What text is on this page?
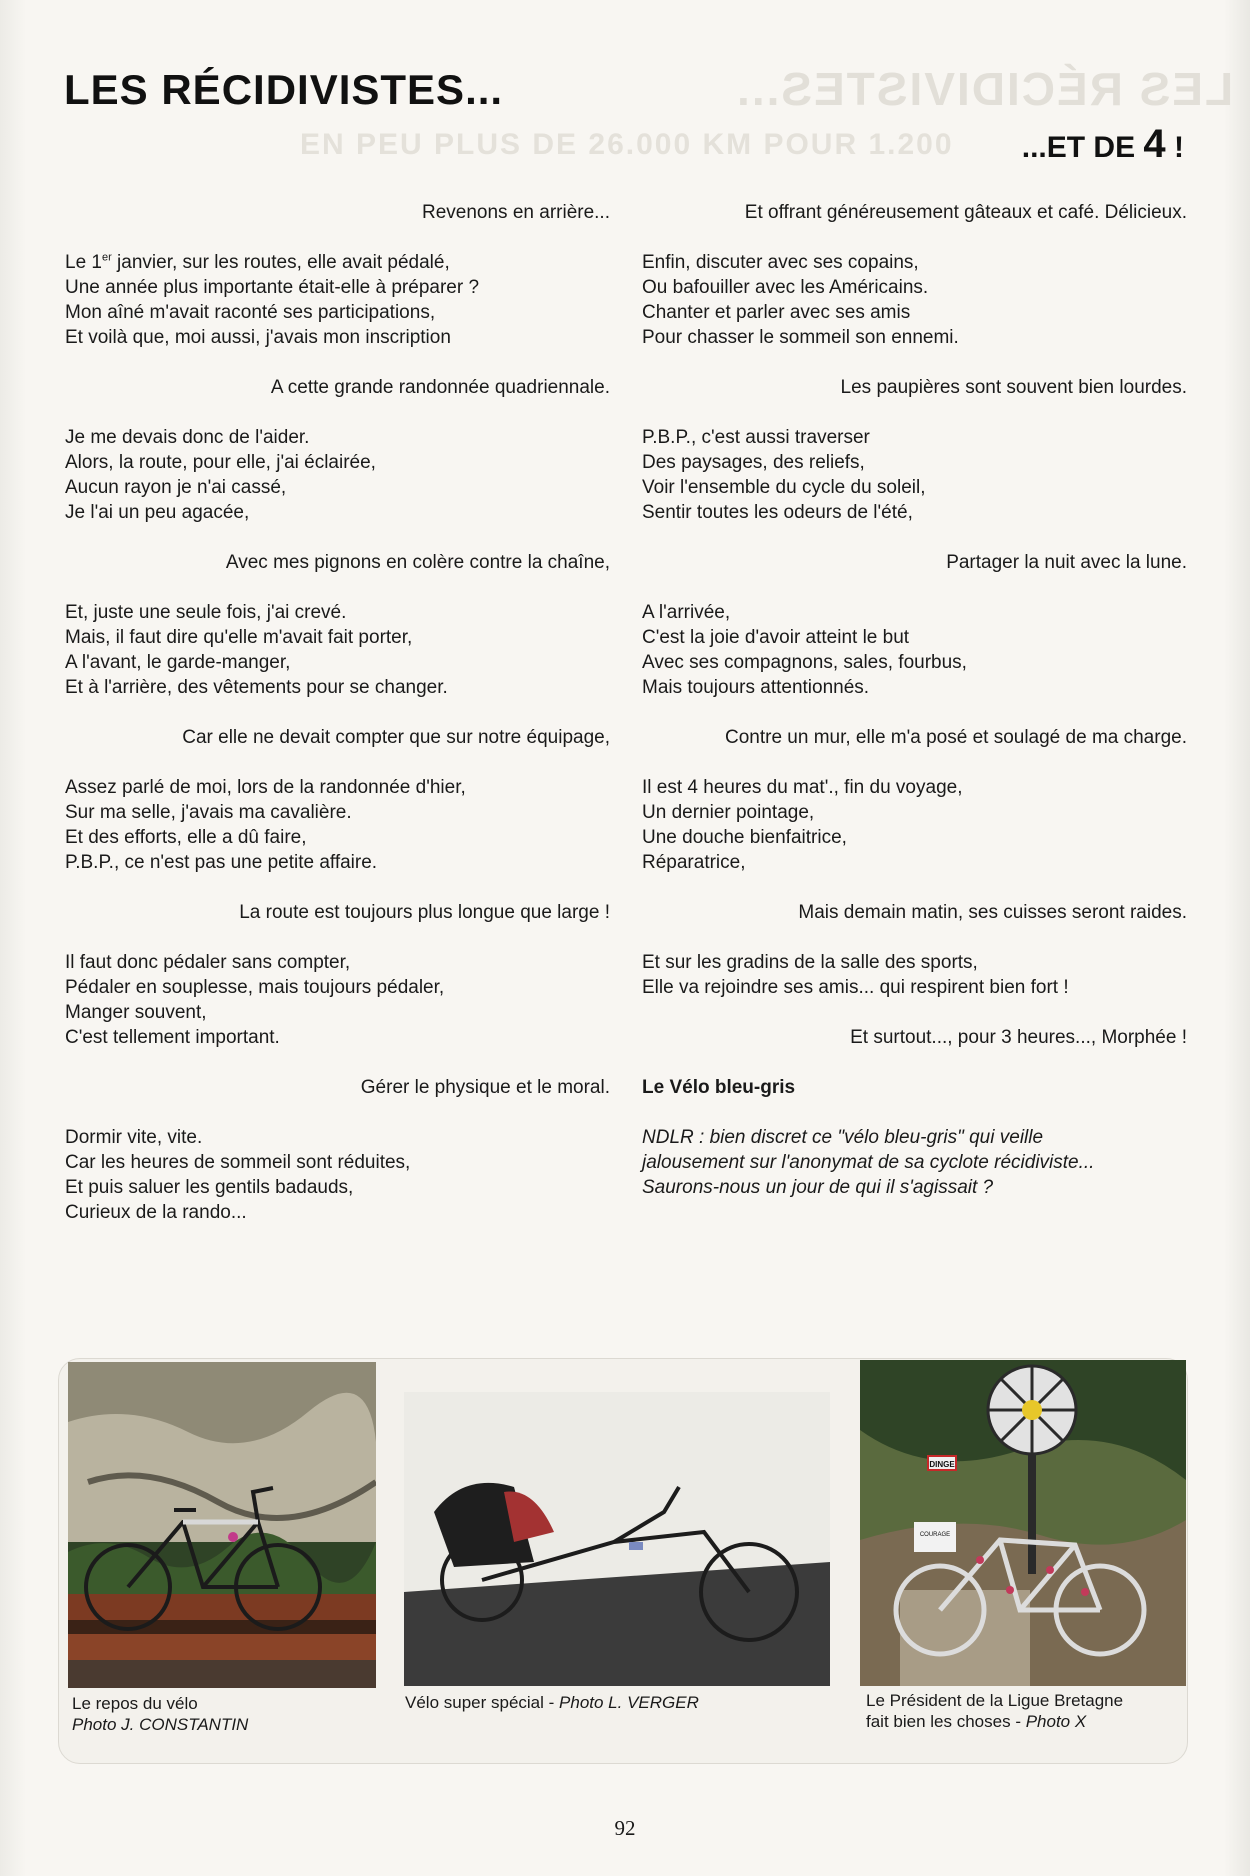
LES RÉCIDIVISTES...
EN PEU PLUS DE 26.000 KM POUR 1.200
LES RÉCIDIVISTES...
...ET DE 4 !
Revenons en arrière...
Le 1er janvier, sur les routes, elle avait pédalé,
Une année plus importante était-elle à préparer ?
Mon aîné m'avait raconté ses participations,
Et voilà que, moi aussi, j'avais mon inscription
A cette grande randonnée quadriennale.
Je me devais donc de l'aider.
Alors, la route, pour elle, j'ai éclairée,
Aucun rayon je n'ai cassé,
Je l'ai un peu agacée,
Avec mes pignons en colère contre la chaîne,
Et, juste une seule fois, j'ai crevé.
Mais, il faut dire qu'elle m'avait fait porter,
A l'avant, le garde-manger,
Et à l'arrière, des vêtements pour se changer.
Car elle ne devait compter que sur notre équipage,
Assez parlé de moi, lors de la randonnée d'hier,
Sur ma selle, j'avais ma cavalière.
Et des efforts, elle a dû faire,
P.B.P., ce n'est pas une petite affaire.
La route est toujours plus longue que large !
Il faut donc pédaler sans compter,
Pédaler en souplesse, mais toujours pédaler,
Manger souvent,
C'est tellement important.
Gérer le physique et le moral.
Dormir vite, vite.
Car les heures de sommeil sont réduites,
Et puis saluer les gentils badauds,
Curieux de la rando...
Et offrant généreusement gâteaux et café. Délicieux.
Enfin, discuter avec ses copains,
Ou bafouiller avec les Américains.
Chanter et parler avec ses amis
Pour chasser le sommeil son ennemi.
Les paupières sont souvent bien lourdes.
P.B.P., c'est aussi traverser
Des paysages, des reliefs,
Voir l'ensemble du cycle du soleil,
Sentir toutes les odeurs de l'été,
Partager la nuit avec la lune.
A l'arrivée,
C'est la joie d'avoir atteint le but
Avec ses compagnons, sales, fourbus,
Mais toujours attentionnés.
Contre un mur, elle m'a posé et soulagé de ma charge.
Il est 4 heures du mat'., fin du voyage,
Un dernier pointage,
Une douche bienfaitrice,
Réparatrice,
Mais demain matin, ses cuisses seront raides.
Et sur les gradins de la salle des sports,
Elle va rejoindre ses amis... qui respirent bien fort !
Et surtout..., pour 3 heures..., Morphée !
Le Vélo bleu-gris
NDLR : bien discret ce "vélo bleu-gris" qui veille
jalousement sur l'anonymat de sa cyclote récidiviste...
Saurons-nous un jour de qui il s'agissait ?
DINGE
COURAGE
Le repos du vélo
Photo J. CONSTANTIN
Vélo super spécial - Photo L. VERGER	Le Président de la Ligue Bretagne
fait bien les choses - Photo X
92
